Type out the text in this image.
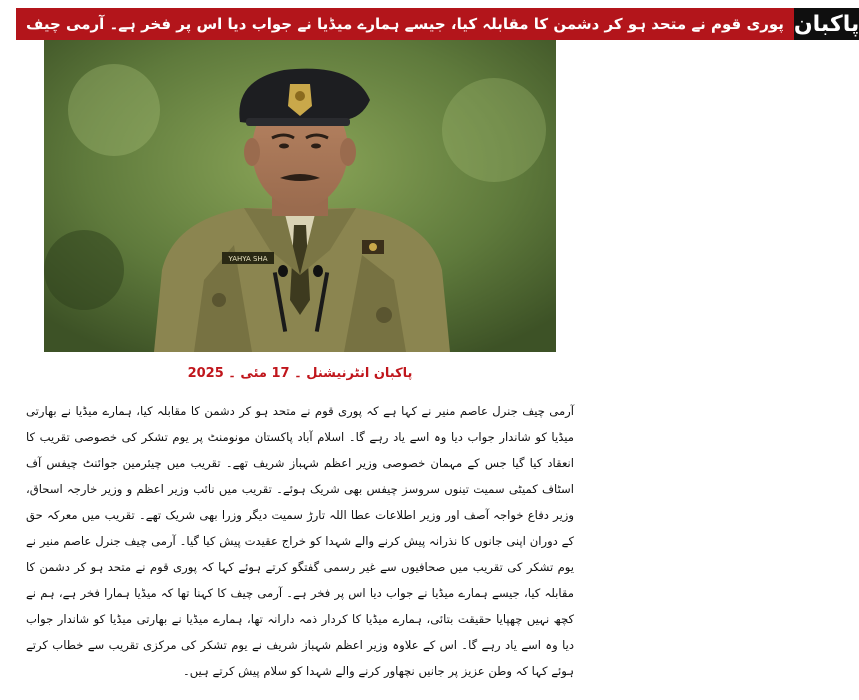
پوری قوم نے متحد ہو کر دشمن کا مقابلہ کیا، جیسے ہمارے میڈیا نے جواب دیا اس پر فخر ہے۔ آرمی چیف پاکبان
YAHYA SHA
پاکبان انٹرنیشنل ۔ 17 مئی ۔ 2025

آرمی چیف جنرل عاصم منیر نے کہا ہے کہ پوری قوم نے متحد ہو کر دشمن کا مقابلہ کیا، ہمارے میڈیا نے بھارتی میڈیا کو شاندار جواب دیا وہ اسے یاد رہے گا۔ اسلام آباد پاکستان مونومنٹ پر یوم تشکر کی خصوصی تقریب کا انعقاد کیا گیا جس کے مہمان خصوصی وزیر اعظم شہباز شریف تھے۔ تقریب میں چیئرمین جوائنٹ چیفس آف اسٹاف کمیٹی سمیت تینوں سروسز چیفس بھی شریک ہوئے۔ تقریب میں نائب وزیر اعظم و وزیر خارجہ اسحاق، وزیر دفاع خواجہ آصف اور وزیر اطلاعات عطا اللہ تارڑ سمیت دیگر وزرا بھی شریک تھے۔ تقریب میں معرکہ حق کے دوران اپنی جانوں کا نذرانہ پیش کرنے والے شہدا کو خراج عقیدت پیش کیا گیا۔ آرمی چیف جنرل عاصم منیر نے یوم تشکر کی تقریب میں صحافیوں سے غیر رسمی گفتگو کرتے ہوئے کہا کہ پوری قوم نے متحد ہو کر دشمن کا مقابلہ کیا، جیسے ہمارے میڈیا نے جواب دیا اس پر فخر ہے۔ آرمی چیف کا کہنا تھا کہ میڈیا ہمارا فخر ہے، ہم نے کچھ نہیں چھپایا حقیقت بتائی، ہمارے میڈیا کا کردار ذمہ دارانہ تھا، ہمارے میڈیا نے بھارتی میڈیا کو شاندار جواب دیا وہ اسے یاد رہے گا۔ اس کے علاوہ وزیر اعظم شہباز شریف نے یوم تشکر کی مرکزی تقریب سے خطاب کرتے ہوئے کہا کہ وطن عزیز پر جانیں نچھاور کرنے والے شہدا کو سلام پیش کرتے ہیں۔
